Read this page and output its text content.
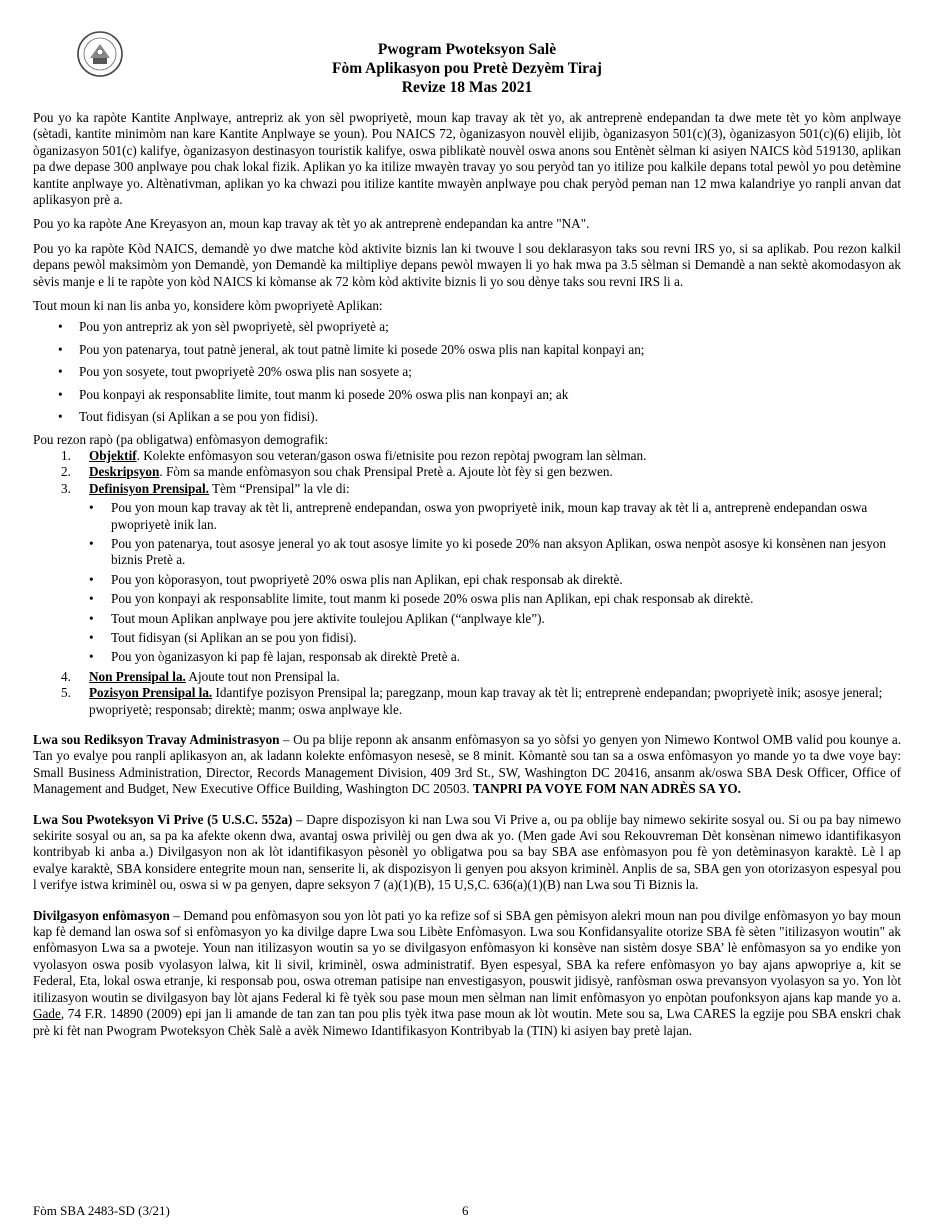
Pwogram Pwoteksyon Salè
Fòm Aplikasyon pou Pretè Dezyèm Tiraj
Revize 18 Mas 2021

Pou yo ka rapòte Kantite Anplwaye, antrepriz ak yon sèl pwopriyetè, moun kap travay ak tèt yo, ak antreprenè endepandan ta dwe mete tèt yo kòm anplwaye (sètadi, kantite minimòm nan kare Kantite Anplwaye se youn). Pou NAICS 72, òganizasyon nouvèl elijib, òganizasyon 501(c)(3), òganizasyon 501(c)(6) elijib, lòt òganizasyon 501(c) kalifye, òganizasyon destinasyon touristik kalifye, oswa piblikatè nouvèl oswa anons sou Entènèt sèlman ki asiyen NAICS kòd 519130, aplikan pa dwe depase 300 anplwaye pou chak lokal fizik. Aplikan yo ka itilize mwayèn travay yo sou peryòd tan yo itilize pou kalkile depans total pewòl yo pou detèmine kantite anplwaye yo. Altènativman, aplikan yo ka chwazi pou itilize kantite mwayèn anplwaye pou chak peryòd peman nan 12 mwa kalandriye yo ranpli anvan dat aplikasyon prè a.

Pou yo ka rapòte Ane Kreyasyon an, moun kap travay ak tèt yo ak antreprenè endepandan ka antre "NA".

Pou yo ka rapòte Kòd NAICS, demandè yo dwe matche kòd aktivite biznis lan ki twouve l sou deklarasyon taks sou revni IRS yo, si sa aplikab. Pou rezon kalkil depans pewòl maksimòm yon Demandè, yon Demandè ka miltipliye depans pewòl mwayen li yo hak mwa pa 3.5 sèlman si Demandè a nan sektè akomodasyon ak sèvis manje e li te rapòte yon kòd NAICS ki kòmanse ak 72 kòm kòd aktivite biznis li yo sou dènye taks sou revni IRS li a.

Tout moun ki nan lis anba yo, konsidere kòm pwopriyetè Aplikan:

• Pou yon antrepriz ak yon sèl pwopriyetè, sèl pwopriyetè a;
• Pou yon patenarya, tout patnè jeneral, ak tout patnè limite ki posede 20% oswa plis nan kapital konpayi an;
• Pou yon sosyete, tout pwopriyetè 20% oswa plis nan sosyete a;
• Pou konpayi ak responsablite limite, tout manm ki posede 20% oswa plis nan konpayi an; ak
• Tout fidisyan (si Aplikan a se pou yon fidisi).

Pou rezon rapò (pa obligatwa) enfòmasyon demografik:

1. Objektif. Kolekte enfòmasyon sou veteran/gason oswa fi/etnisite pou rezon repòtaj pwogram lan sèlman.
2. Deskripsyon. Fòm sa mande enfòmasyon sou chak Prensipal Pretè a. Ajoute lòt fèy si gen bezwen.
3. Definisyon Prensipal. Tèm “Prensipal” la vle di:
• Pou yon moun kap travay ak tèt li, antreprenè endepandan, oswa yon pwopriyetè inik, moun kap travay ak tèt li a, antreprenè endepandan oswa pwopriyetè inik lan.
• Pou yon patenarya, tout asosye jeneral yo ak tout asosye limite yo ki posede 20% nan aksyon Aplikan, oswa nenpòt asosye ki konsènen nan jesyon biznis Pretè a.
• Pou yon kòporasyon, tout pwopriyetè 20% oswa plis nan Aplikan, epi chak responsab ak direktè.
• Pou yon konpayi ak responsablite limite, tout manm ki posede 20% oswa plis nan Aplikan, epi chak responsab ak direktè.
• Tout moun Aplikan anplwaye pou jere aktivite toulejou Aplikan (“anplwaye kle”).
• Tout fidisyan (si Aplikan an se pou yon fidisi).
• Pou yon òganizasyon ki pap fè lajan, responsab ak direktè Pretè a.
4. Non Prensipal la. Ajoute tout non Prensipal la.
5. Pozisyon Prensipal la. Idantifye pozisyon Prensipal la; paregzanp, moun kap travay ak tèt li; entreprenè endepandan; pwopriyetè inik; asosye jeneral; pwopriyetè; responsab; direktè; manm; oswa anplwaye kle.

Lwa sou Rediksyon Travay Administrasyon – Ou pa blije reponn ak ansanm enfòmasyon sa yo sòfsi yo genyen yon Nimewo Kontwol OMB valid pou kounye a. Tan yo evalye pou ranpli aplikasyon an, ak ladann kolekte enfòmasyon nesesè, se 8 minit. Kòmantè sou tan sa a oswa enfòmasyon yo mande yo ta dwe voye bay: Small Business Administration, Director, Records Management Division, 409 3rd St., SW, Washington DC 20416, ansanm ak/oswa SBA Desk Officer, Office of Management and Budget, New Executive Office Building, Washington DC 20503. TANPRI PA VOYE FOM NAN ADRÈS SA YO.

Lwa Sou Pwoteksyon Vi Prive (5 U.S.C. 552a) – Dapre dispozisyon ki nan Lwa sou Vi Prive a, ou pa oblije bay nimewo sekirite sosyal ou. Si ou pa bay nimewo sekirite sosyal ou an, sa pa ka afekte okenn dwa, avantaj oswa privilèj ou gen dwa ak yo. (Men gade Avi sou Rekouvreman Dèt konsènan nimewo idantifikasyon kontribyab ki anba a.) Divilgasyon non ak lòt idantifikasyon pèsonèl yo obligatwa pou sa bay SBA ase enfòmasyon pou fè yon detèminasyon karaktè. Lè l ap evalye karaktè, SBA konsidere entegrite moun nan, senserite li, ak dispozisyon li genyen pou aksyon kriminèl. Anplis de sa, SBA gen yon otorizasyon espesyal pou l verifye istwa kriminèl ou, oswa si w pa genyen, dapre seksyon 7 (a)(1)(B), 15 U,S,C. 636(a)(1)(B) nan Lwa sou Ti Biznis la.

Divilgasyon enfòmasyon – Demand pou enfòmasyon sou yon lòt pati yo ka refize sof si SBA gen pèmisyon alekri moun nan pou divilge enfòmasyon yo bay moun kap fè demand lan oswa sof si enfòmasyon yo ka divilge dapre Lwa sou Libète Enfòmasyon. Lwa sou Konfidansyalite otorize SBA fè sèten "itilizasyon woutin" ak enfòmasyon Lwa sa a pwoteje. Youn nan itilizasyon woutin sa yo se divilgasyon enfòmasyon ki konsève nan sistèm dosye SBA’ lè enfòmasyon sa yo endike yon vyolasyon oswa posib vyolasyon lalwa, kit li sivil, kriminèl, oswa administratif. Byen espesyal, SBA ka refere enfòmasyon yo bay ajans apwopriye a, kit se Federal, Eta, lokal oswa etranje, ki responsab pou, oswa otreman patisipe nan envestigasyon, pouswit jidisyè, ranfòsman oswa prevansyon vyolasyon sa yo. Yon lòt itilizasyon woutin se divilgasyon bay lòt ajans Federal ki fè tyèk sou pase moun men sèlman nan limit enfòmasyon yo enpòtan poufonksyon ajans kap mande yo a. Gade, 74 F.R. 14890 (2009) epi jan li amande de tan zan tan pou plis tyèk itwa pase moun ak lòt woutin. Mete sou sa, Lwa CARES la egzije pou SBA enskri chak prè ki fèt nan Pwogram Pwoteksyon Chèk Salè a avèk Nimewo Idantifikasyon Kontribyab la (TIN) ki asiyen bay pretè lajan.

Fòm SBA 2483-SD (3/21)	6
